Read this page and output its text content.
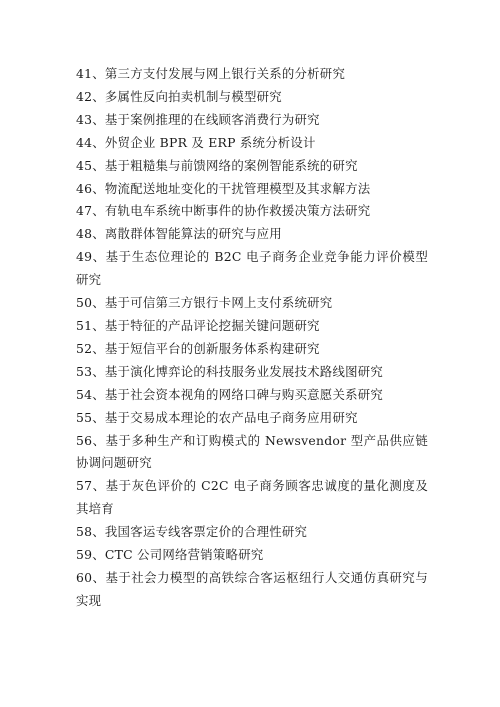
41、第三方支付发展与网上银行关系的分析研究
42、多属性反向拍卖机制与模型研究
43、基于案例推理的在线顾客消费行为研究
44、外贸企业 BPR 及 ERP 系统分析设计
45、基于粗糙集与前馈网络的案例智能系统的研究
46、物流配送地址变化的干扰管理模型及其求解方法
47、有轨电车系统中断事件的协作救援决策方法研究
48、离散群体智能算法的研究与应用
49、基于生态位理论的 B2C 电子商务企业竞争能力评价模型研究
50、基于可信第三方银行卡网上支付系统研究
51、基于特征的产品评论挖掘关键问题研究
52、基于短信平台的创新服务体系构建研究
53、基于演化博弈论的科技服务业发展技术路线图研究
54、基于社会资本视角的网络口碑与购买意愿关系研究
55、基于交易成本理论的农产品电子商务应用研究
56、基于多种生产和订购模式的 Newsvendor 型产品供应链协调问题研究
57、基于灰色评价的 C2C 电子商务顾客忠诚度的量化测度及其培育
58、我国客运专线客票定价的合理性研究
59、CTC 公司网络营销策略研究
60、基于社会力模型的高铁综合客运枢纽行人交通仿真研究与实现
